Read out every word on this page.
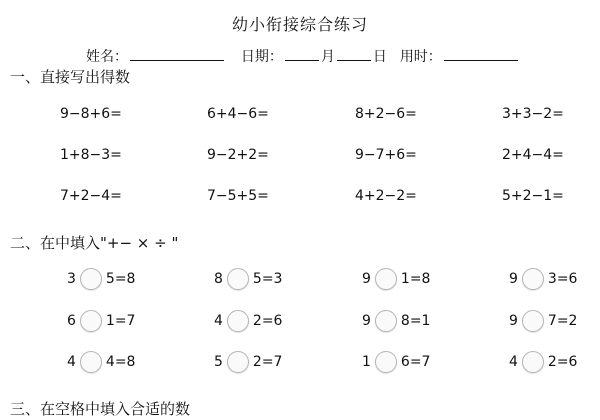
幼小衔接综合练习
姓名：	日期：	月	日 用时：
一、直接写出得数
9−8+6=	6+4−6=	8+2−6=	3+3−2=
1+8−3=	9−2+2=	9−7+6=	2+4−4=
7+2−4=	7−5+5=	4+2−2=	5+2−1=
二、在中填入"+− × ÷ "
3 5=8	8 5=3	9 1=8	9 3=6
6 1=7	4 2=6	9 8=1	9 7=2
4 4=8	5 2=7	1 6=7	4 2=6
三、在空格中填入合适的数
